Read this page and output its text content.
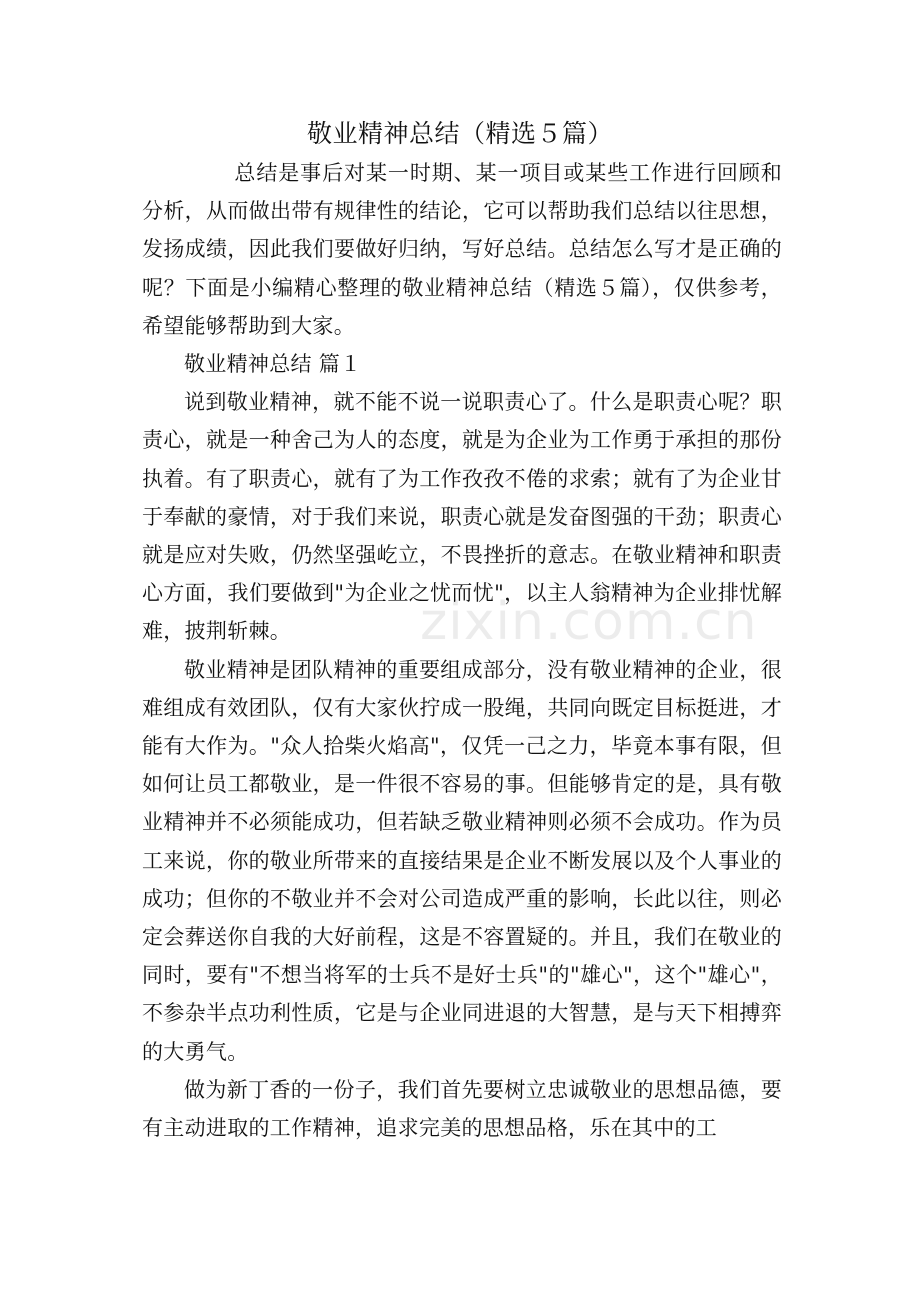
敬业精神总结（精选５篇）

总结是事后对某一时期、某一项目或某些工作进行回顾和分析，从而做出带有规律性的结论，它可以帮助我们总结以往思想，发扬成绩，因此我们要做好归纳，写好总结。总结怎么写才是正确的呢？下面是小编精心整理的敬业精神总结（精选５篇），仅供参考，希望能够帮助到大家。

敬业精神总结 篇１

说到敬业精神，就不能不说一说职责心了。什么是职责心呢？职责心，就是一种舍己为人的态度，就是为企业为工作勇于承担的那份执着。有了职责心，就有了为工作孜孜不倦的求索；就有了为企业甘于奉献的豪情，对于我们来说，职责心就是发奋图强的干劲；职责心就是应对失败，仍然坚强屹立，不畏挫折的意志。在敬业精神和职责心方面，我们要做到"为企业之忧而忧"，以主人翁精神为企业排忧解难，披荆斩棘。

敬业精神是团队精神的重要组成部分，没有敬业精神的企业，很难组成有效团队，仅有大家伙拧成一股绳，共同向既定目标挺进，才能有大作为。"众人拾柴火焰高"，仅凭一己之力，毕竟本事有限，但如何让员工都敬业，是一件很不容易的事。但能够肯定的是，具有敬业精神并不必须能成功，但若缺乏敬业精神则必须不会成功。作为员工来说，你的敬业所带来的直接结果是企业不断发展以及个人事业的成功；但你的不敬业并不会对公司造成严重的影响，长此以往，则必定会葬送你自我的大好前程，这是不容置疑的。并且，我们在敬业的同时，要有"不想当将军的士兵不是好士兵"的"雄心"，这个"雄心"，不参杂半点功利性质，它是与企业同进退的大智慧，是与天下相搏弈的大勇气。

做为新丁香的一份子，我们首先要树立忠诚敬业的思想品德，要有主动进取的工作精神，追求完美的思想品格，乐在其中的工

zixin.com.cn
